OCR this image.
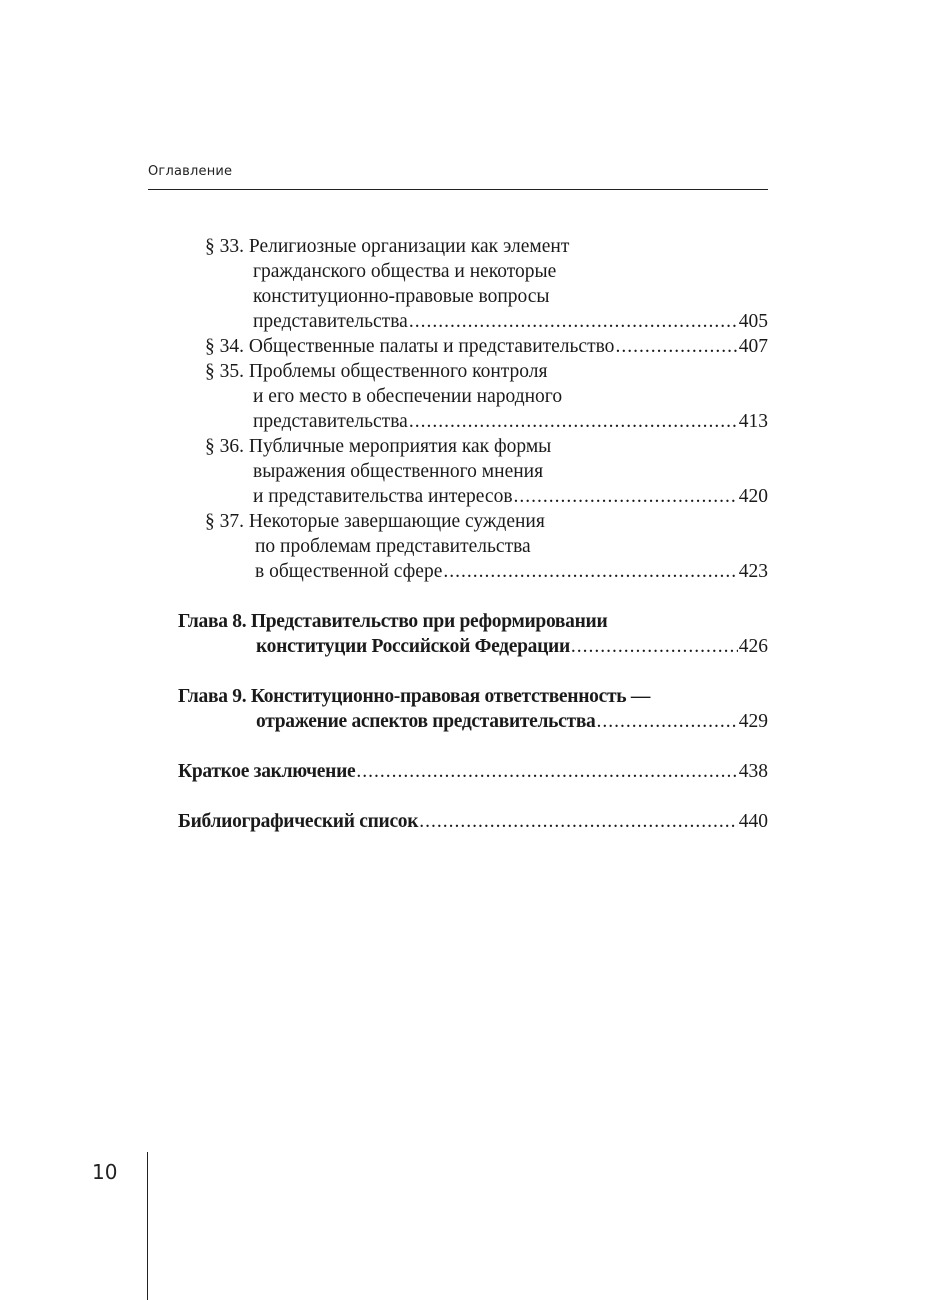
Оглавление
§ 33. Религиозные организации как элемент
гражданского общества и некоторые
конституционно-правовые вопросы
представительства .....	405
§ 34. Общественные палаты и представительство .....	407
§ 35. Проблемы общественного контроля
и его место в обеспечении народного
представительства .....	413
§ 36. Публичные мероприятия как формы
выражения общественного мнения
и представительства интересов .....	420
§ 37. Некоторые завершающие суждения
по проблемам представительства
в общественной сфере .....	423
Глава 8. Представительство при реформировании
конституции Российской Федерации .....	426
Глава 9. Конституционно-правовая ответственность —
отражение аспектов представительства .....	429
Краткое заключение .....	438
Библиографический список .....	440
10
